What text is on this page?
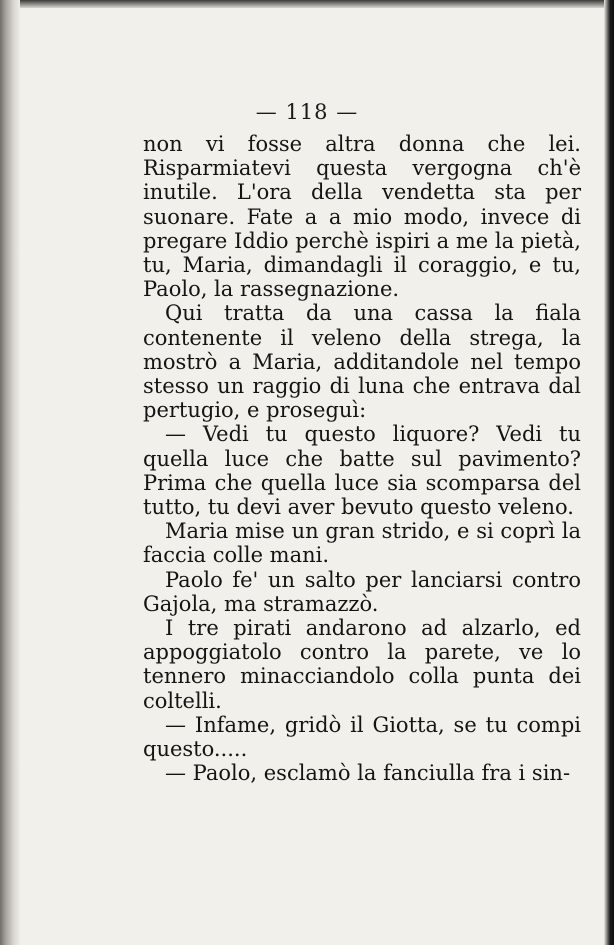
— 118 —

non vi fosse altra donna che lei. Risparmiatevi questa vergogna ch'è inutile. L'ora della vendetta sta per suonare. Fate a a mio modo, invece di pregare Iddio perchè ispiri a me la pietà, tu, Maria, dimandagli il coraggio, e tu, Paolo, la rassegnazione.

Qui tratta da una cassa la fiala contenente il veleno della strega, la mostrò a Maria, additandole nel tempo stesso un raggio di luna che entrava dal pertugio, e proseguì:

— Vedi tu questo liquore? Vedi tu quella luce che batte sul pavimento? Prima che quella luce sia scomparsa del tutto, tu devi aver bevuto questo veleno.

Maria mise un gran strido, e si coprì la faccia colle mani.

Paolo fe' un salto per lanciarsi contro Gajola, ma stramazzò.

I tre pirati andarono ad alzarlo, ed appoggiatolo contro la parete, ve lo tennero minacciandolo colla punta dei coltelli.

— Infame, gridò il Giotta, se tu compi questo.....

— Paolo, esclamò la fanciulla fra i sin-
